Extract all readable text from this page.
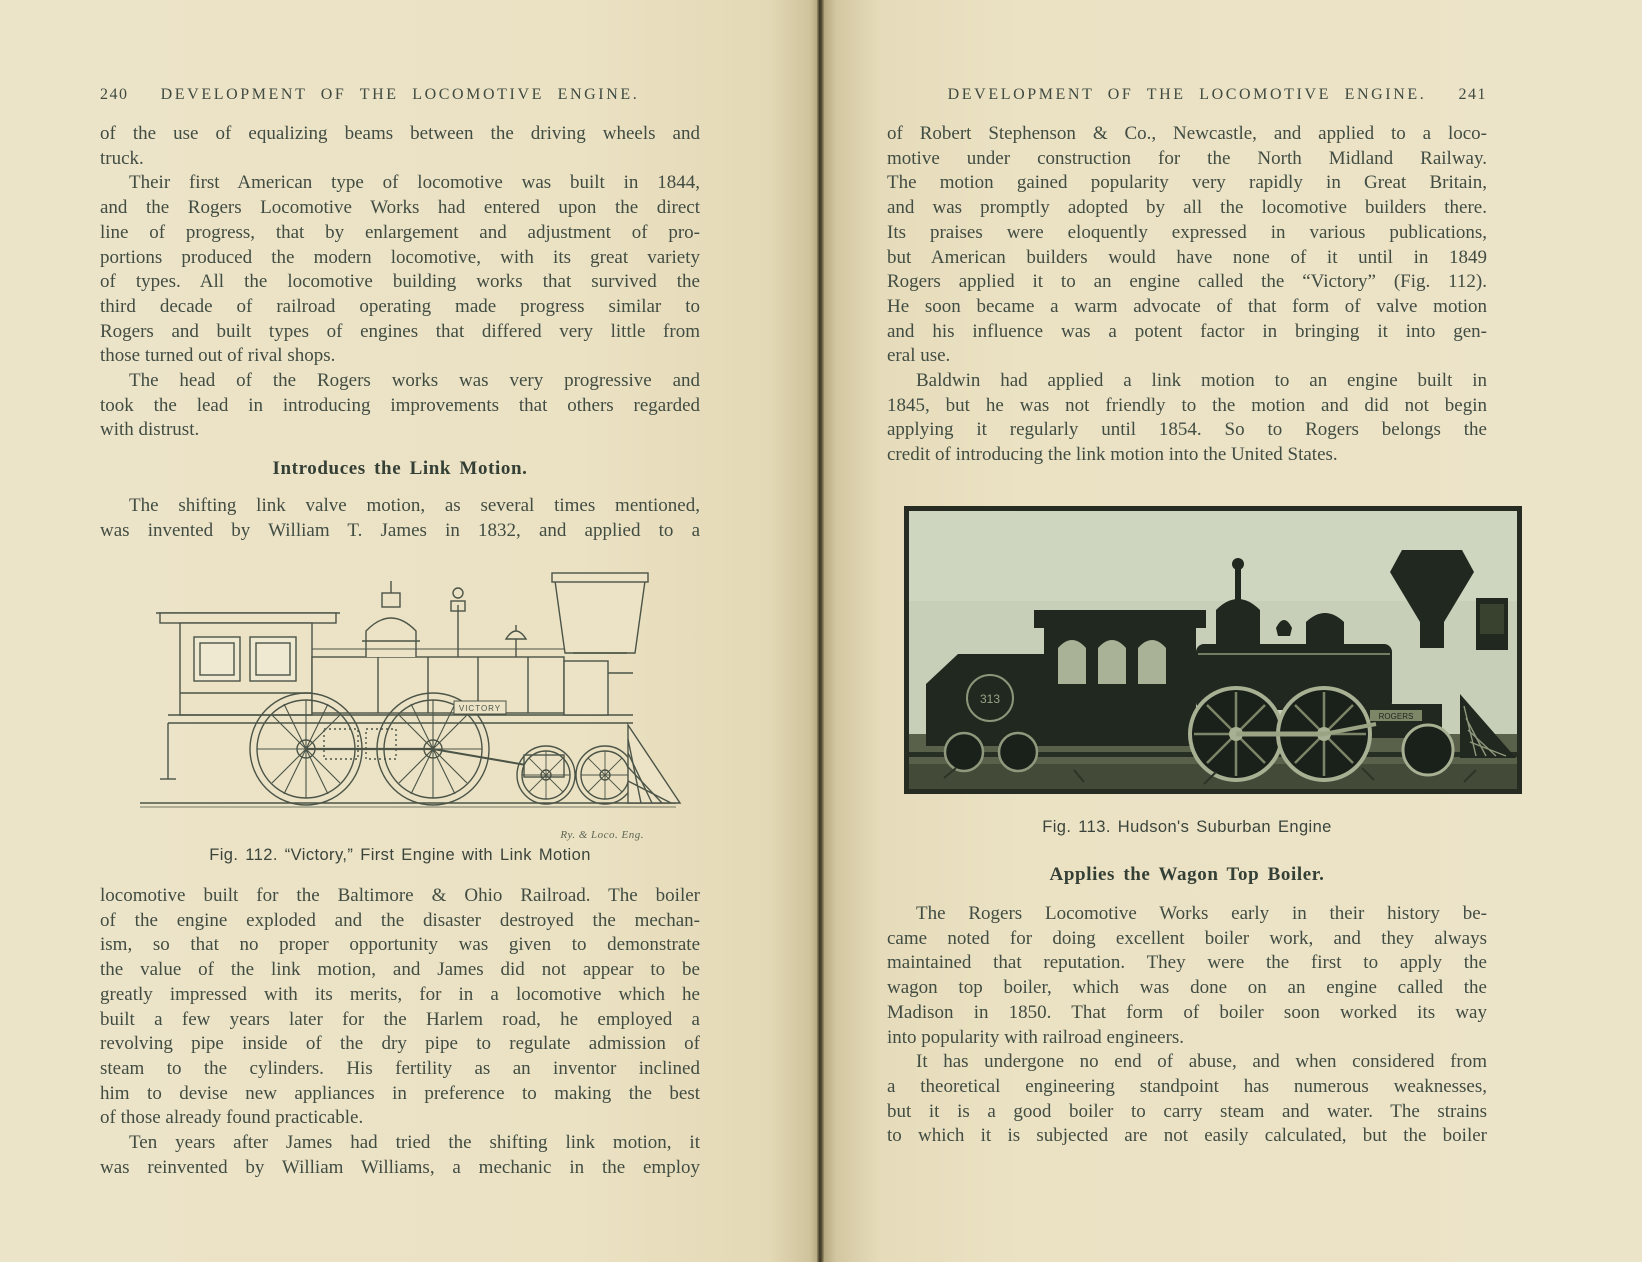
240	DEVELOPMENT OF THE LOCOMOTIVE ENGINE.
of the use of equalizing beams between the driving wheels and
truck.
Their first American type of locomotive was built in 1844,
and the Rogers Locomotive Works had entered upon the direct
line of progress, that by enlargement and adjustment of pro-
portions produced the modern locomotive, with its great variety
of types. All the locomotive building works that survived the
third decade of railroad operating made progress similar to
Rogers and built types of engines that differed very little from
those turned out of rival shops.
The head of the Rogers works was very progressive and
took the lead in introducing improvements that others regarded
with distrust.
Introduces the Link Motion.
The shifting link valve motion, as several times mentioned,
was invented by William T. James in 1832, and applied to a
VICTORY
Ry. & Loco. Eng.
Fig. 112. “Victory,” First Engine with Link Motion
locomotive built for the Baltimore & Ohio Railroad. The boiler
of the engine exploded and the disaster destroyed the mechan-
ism, so that no proper opportunity was given to demonstrate
the value of the link motion, and James did not appear to be
greatly impressed with its merits, for in a locomotive which he
built a few years later for the Harlem road, he employed a
revolving pipe inside of the dry pipe to regulate admission of
steam to the cylinders. His fertility as an inventor inclined
him to devise new appliances in preference to making the best
of those already found practicable.
Ten years after James had tried the shifting link motion, it
was reinvented by William Williams, a mechanic in the employ
DEVELOPMENT OF THE LOCOMOTIVE ENGINE.	241
of Robert Stephenson & Co., Newcastle, and applied to a loco-
motive under construction for the North Midland Railway.
The motion gained popularity very rapidly in Great Britain,
and was promptly adopted by all the locomotive builders there.
Its praises were eloquently expressed in various publications,
but American builders would have none of it until in 1849
Rogers applied it to an engine called the “Victory” (Fig. 112).
He soon became a warm advocate of that form of valve motion
and his influence was a potent factor in bringing it into gen-
eral use.
Baldwin had applied a link motion to an engine built in
1845, but he was not friendly to the motion and did not begin
applying it regularly until 1854. So to Rogers belongs the
credit of introducing the link motion into the United States.
313
ROGERS
Fig. 113. Hudson's Suburban Engine
Applies the Wagon Top Boiler.
The Rogers Locomotive Works early in their history be-
came noted for doing excellent boiler work, and they always
maintained that reputation. They were the first to apply the
wagon top boiler, which was done on an engine called the
Madison in 1850. That form of boiler soon worked its way
into popularity with railroad engineers.
It has undergone no end of abuse, and when considered from
a theoretical engineering standpoint has numerous weaknesses,
but it is a good boiler to carry steam and water. The strains
to which it is subjected are not easily calculated, but the boiler
